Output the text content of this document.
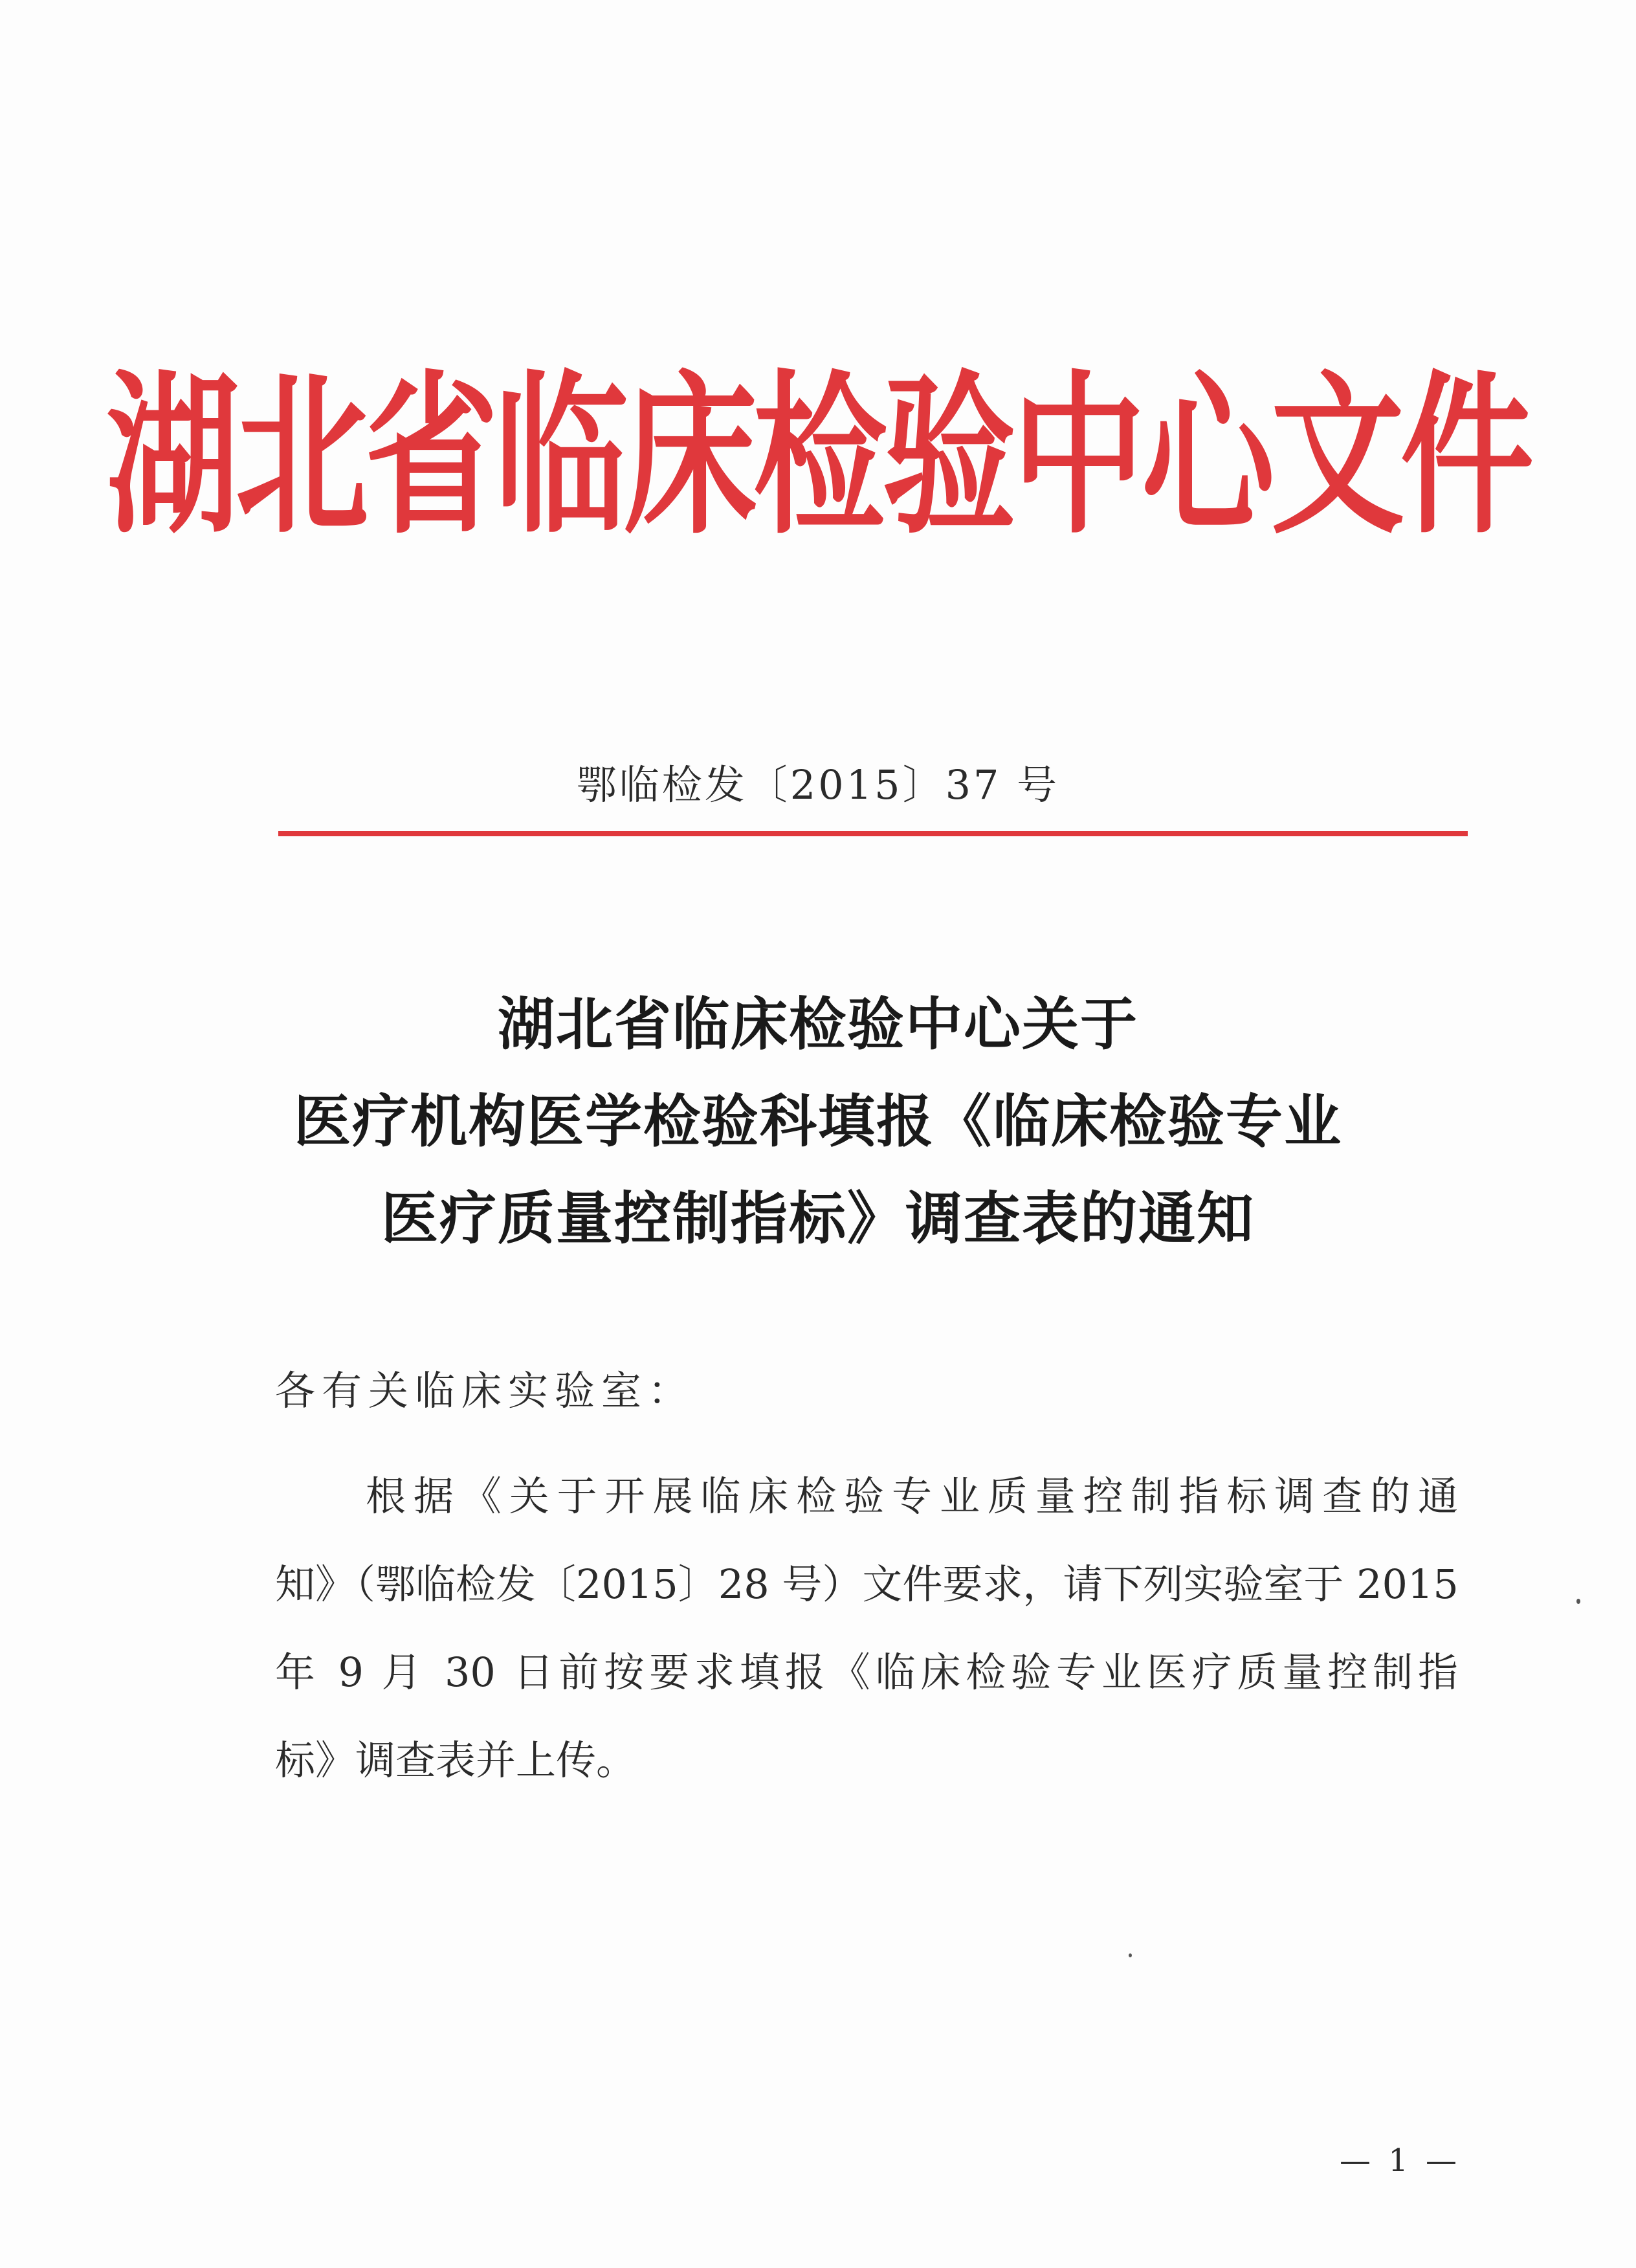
湖北省临床检验中心文件
鄂临检发〔2015〕37 号
湖北省临床检验中心关于
医疗机构医学检验科填报《临床检验专业
医疗质量控制指标》调查表的通知
各有关临床实验室：
根据《关于开展临床检验专业质量控制指标调查的通
知》（鄂临检发〔2015〕28 号）文件要求，请下列实验室于 2015
年 9 月 30 日前按要求填报《临床检验专业医疗质量控制指
标》调查表并上传。
— 1 —
